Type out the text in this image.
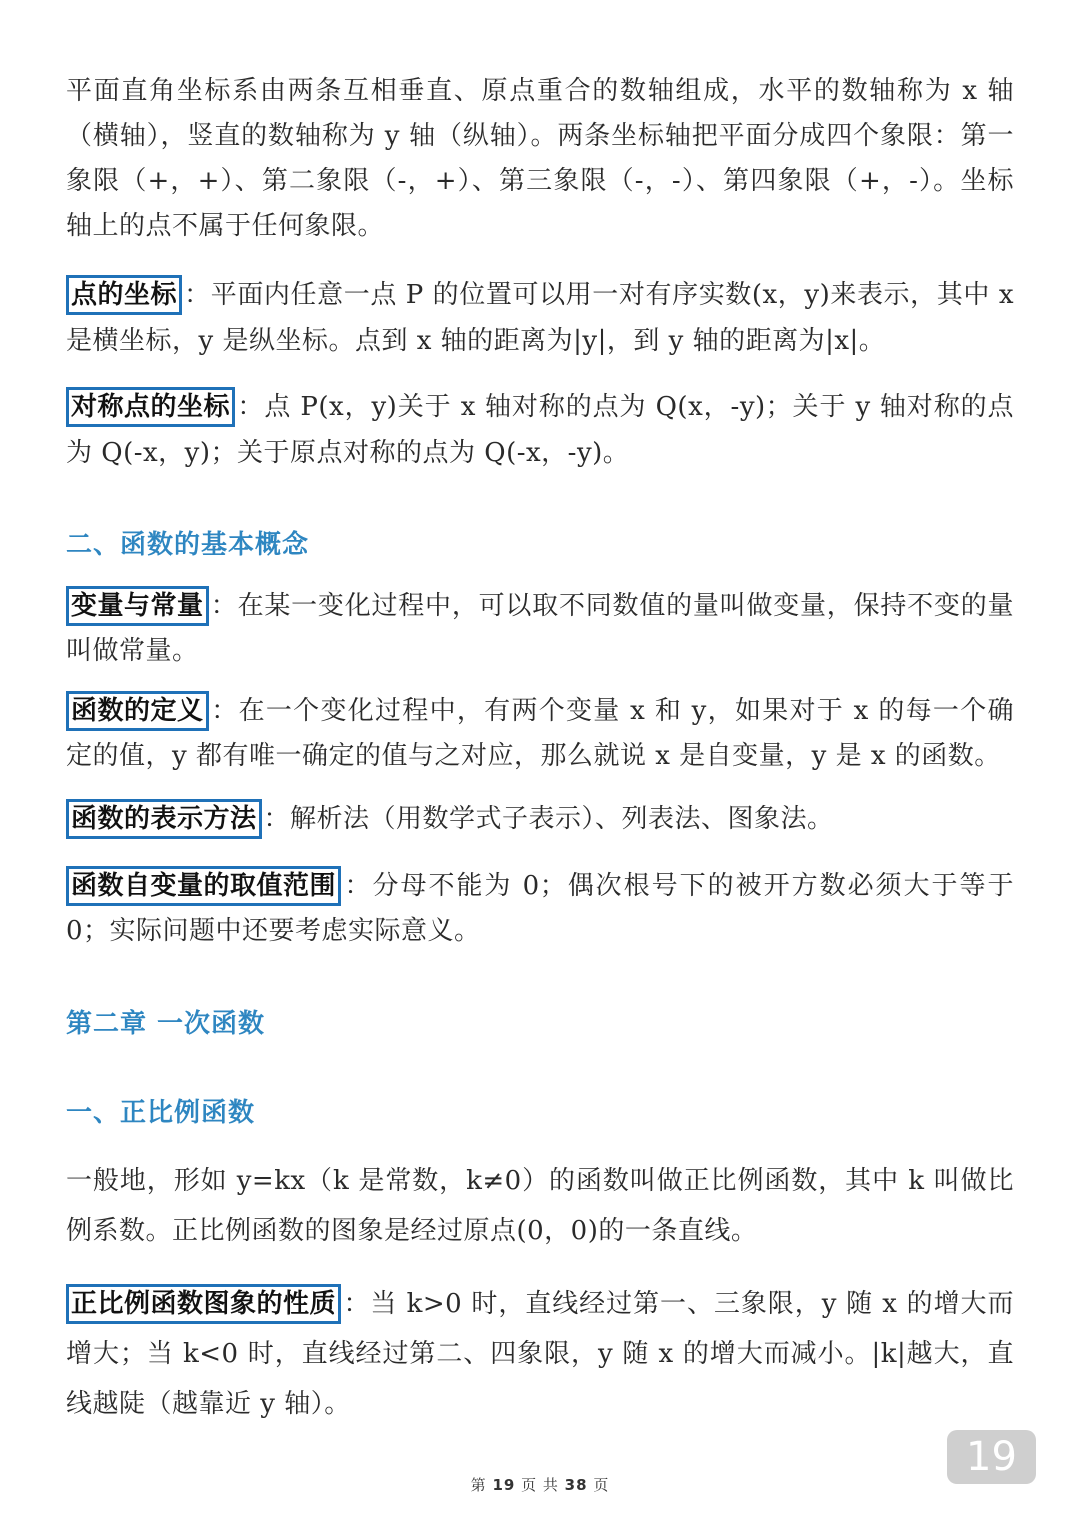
平面直角坐标系由两条互相垂直、原点重合的数轴组成，水平的数轴称为 x 轴（横轴），竖直的数轴称为 y 轴（纵轴）。两条坐标轴把平面分成四个象限：第一象限（+，+）、第二象限（-，+）、第三象限（-，-）、第四象限（+，-）。坐标轴上的点不属于任何象限。

点的坐标 ：平面内任意一点 P 的位置可以用一对有序实数(x，y)来表示，其中 x 是横坐标，y 是纵坐标。点到 x 轴的距离为|y|，到 y 轴的距离为|x|。

对称点的坐标 ：点 P(x，y)关于 x 轴对称的点为 Q(x，-y)；关于 y 轴对称的点为 Q(-x，y)；关于原点对称的点为 Q(-x，-y)。

二、函数的基本概念

变量与常量 ：在某一变化过程中，可以取不同数值的量叫做变量，保持不变的量叫做常量。

函数的定义 ：在一个变化过程中，有两个变量 x 和 y，如果对于 x 的每一个确定的值，y 都有唯一确定的值与之对应，那么就说 x 是自变量，y 是 x 的函数。

函数的表示方法 ：解析法（用数学式子表示）、列表法、图象法。

函数自变量的取值范围 ：分母不能为 0；偶次根号下的被开方数必须大于等于 0；实际问题中还要考虑实际意义。

第二章 一次函数
一、正比例函数

一般地，形如 y=kx（k 是常数，k≠0）的函数叫做正比例函数，其中 k 叫做比例系数。正比例函数的图象是经过原点(0，0)的一条直线。

正比例函数图象的性质 ：当 k>0 时，直线经过第一、三象限，y 随 x 的增大而增大；当 k<0 时，直线经过第二、四象限，y 随 x 的增大而减小。|k|越大，直线越陡（越靠近 y 轴）。

19
第 19 页 共 38 页
